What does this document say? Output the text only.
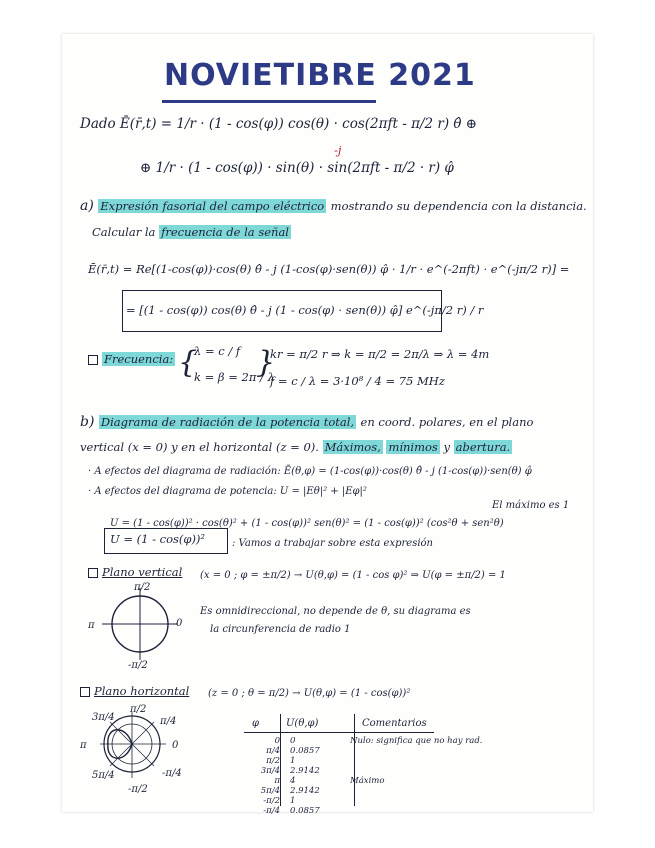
NOVIETIBRE 2021
Dado Ē(r̄,t) = 1/r · (1 - cos(φ)) cos(θ) · cos(2πft - π/2 r) θ̂ ⊕
⊕ 1/r · (1 - cos(φ)) · sin(θ) · sin(2πft - π/2 · r) φ̂
-j
a) Expresión fasorial del campo eléctrico mostrando su dependencia con la distancia.
Calcular la frecuencia de la señal
Ē(r̄,t) = Re[(1-cos(φ))·cos(θ) θ̂ - j (1-cos(φ)·sen(θ)) φ̂ · 1/r · e^(-2πft) · e^(-jπ/2 r)] =
= [(1 - cos(φ)) cos(θ) θ̂ - j (1 - cos(φ) · sen(θ)) φ̂] e^(-jπ/2 r) / r
Frecuencia: {
λ = c / f
k = β = 2π / λ
}
kr = π/2 r ⇒ k = π/2 = 2π/λ ⇒ λ = 4m
f = c / λ = 3·10⁸ / 4 = 75 MHz
b) Diagrama de radiación de la potencia total, en coord. polares, en el plano
vertical (x = 0) y en el horizontal (z = 0). Máximos, mínimos y abertura.
· A efectos del diagrama de radiación: Ē(θ,φ) = (1-cos(φ))·cos(θ) θ̂ - j (1-cos(φ))·sen(θ) φ̂
· A efectos del diagrama de potencia: U = |Eθ|² + |Eφ|²
El máximo es 1
U = (1 - cos(φ))² · cos(θ)² + (1 - cos(φ))² sen(θ)² = (1 - cos(φ))² (cos²θ + sen²θ)
U = (1 - cos(φ))²	: Vamos a trabajar sobre esta expresión
Plano vertical (x = 0 ; φ = ±π/2) → U(θ,φ) = (1 - cos φ)² ⇒ U(φ = ±π/2) = 1
π/2
π	0
-π/2
Es omnidireccional, no depende de θ, su diagrama es
la circunferencia de radio 1
Plano horizontal (z = 0 ; θ = π/2) → U(θ,φ) = (1 - cos(φ))²
π/2
3π/4	π/4
π	0
5π/4	-π/4
-π/2
φ	U(θ,φ)	Comentarios
0 0	Nulo: significa que no hay rad.
π/4 0.0857
π/2 1
3π/4 2.9142
π 4	Máximo
5π/4 2.9142
-π/2 1
-π/4 0.0857
